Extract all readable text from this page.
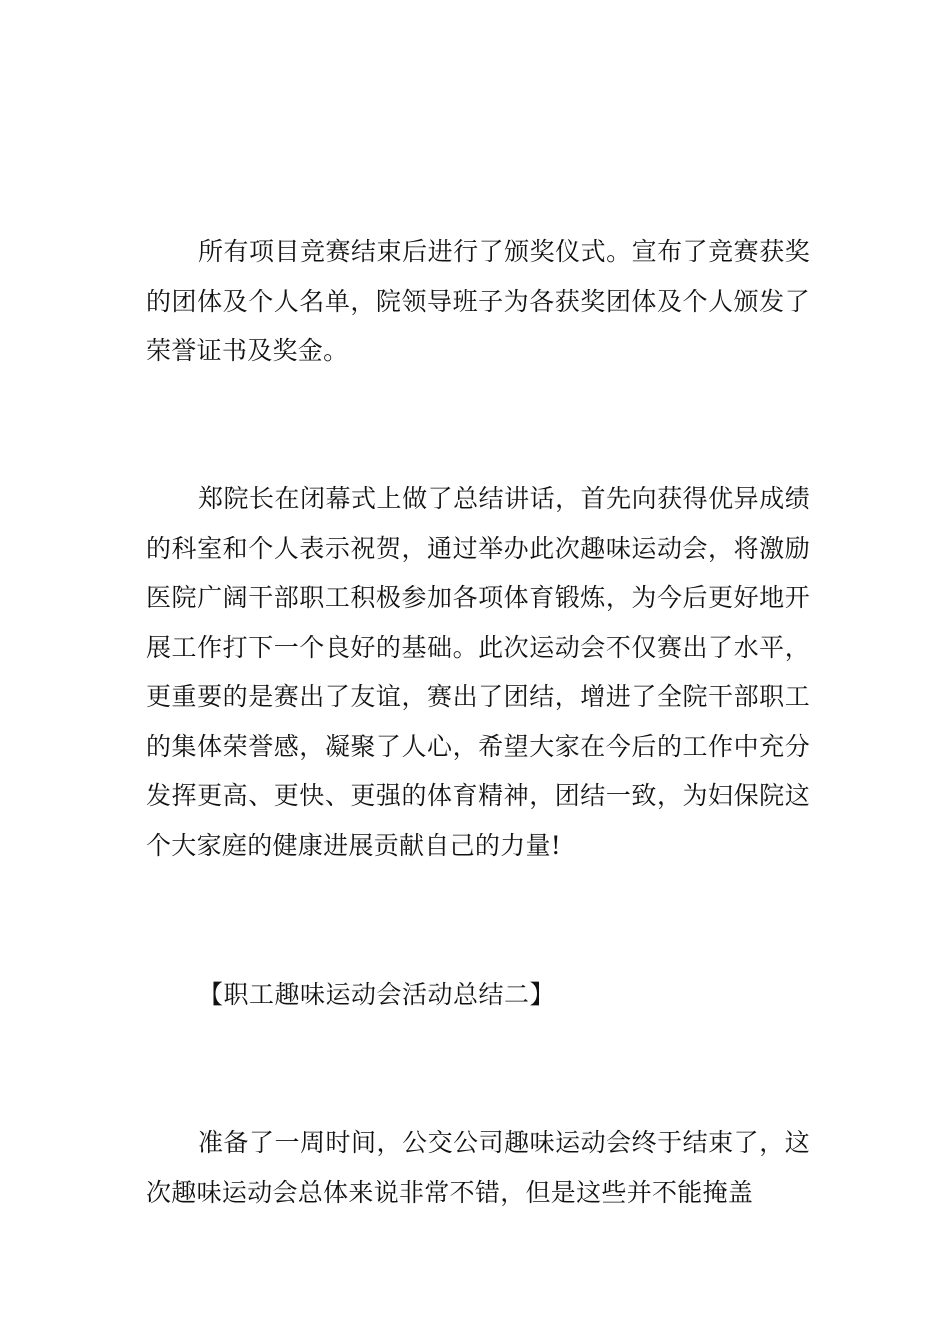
所有项目竞赛结束后进行了颁奖仪式。宣布了竞赛获奖的团体及个人名单，院领导班子为各获奖团体及个人颁发了荣誉证书及奖金。

郑院长在闭幕式上做了总结讲话，首先向获得优异成绩的科室和个人表示祝贺，通过举办此次趣味运动会，将激励医院广阔干部职工积极参加各项体育锻炼，为今后更好地开展工作打下一个良好的基础。此次运动会不仅赛出了水平，更重要的是赛出了友谊，赛出了团结，增进了全院干部职工的集体荣誉感，凝聚了人心，希望大家在今后的工作中充分发挥更高、更快、更强的体育精神，团结一致，为妇保院这个大家庭的健康进展贡献自己的力量!

【职工趣味运动会活动总结二】

准备了一周时间，公交公司趣味运动会终于结束了，这次趣味运动会总体来说非常不错，但是这些并不能掩盖
